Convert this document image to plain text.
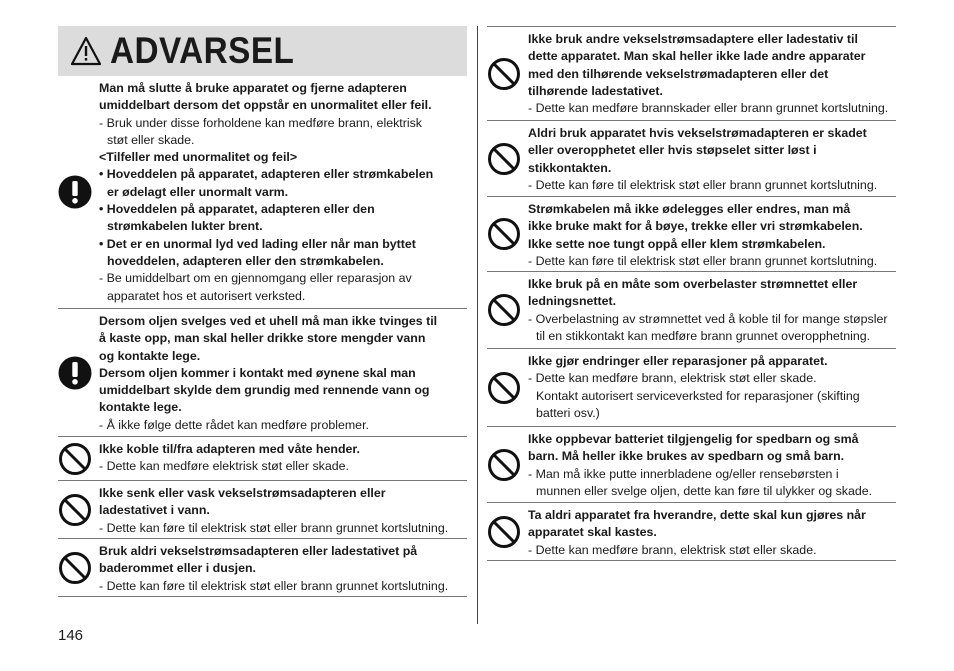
ADVARSEL
Man må slutte å bruke apparatet og fjerne adapteren
umiddelbart dersom det oppstår en unormalitet eller feil.
- Bruk under disse forholdene kan medføre brann, elektrisk
støt eller skade.
<Tilfeller med unormalitet og feil>
• Hoveddelen på apparatet, adapteren eller strømkabelen
er ødelagt eller unormalt varm.
• Hoveddelen på apparatet, adapteren eller den
strømkabelen lukter brent.
• Det er en unormal lyd ved lading eller når man byttet
hoveddelen, adapteren eller den strømkabelen.
- Be umiddelbart om en gjennomgang eller reparasjon av
apparatet hos et autorisert verksted.
Dersom oljen svelges ved et uhell må man ikke tvinges til
å kaste opp, man skal heller drikke store mengder vann
og kontakte lege.
Dersom oljen kommer i kontakt med øynene skal man
umiddelbart skylde dem grundig med rennende vann og
kontakte lege.
- Å ikke følge dette rådet kan medføre problemer.
Ikke koble til/fra adapteren med våte hender.
- Dette kan medføre elektrisk støt eller skade.
Ikke senk eller vask vekselstrømsadapteren eller
ladestativet i vann.
- Dette kan føre til elektrisk støt eller brann grunnet kortslutning.
Bruk aldri vekselstrømsadapteren eller ladestativet på
baderommet eller i dusjen.
- Dette kan føre til elektrisk støt eller brann grunnet kortslutning.
Ikke bruk andre vekselstrømsadaptere eller ladestativ til
dette apparatet. Man skal heller ikke lade andre apparater
med den tilhørende vekselstrømadapteren eller det
tilhørende ladestativet.
- Dette kan medføre brannskader eller brann grunnet kortslutning.
Aldri bruk apparatet hvis vekselstrømadapteren er skadet
eller overopphetet eller hvis støpselet sitter løst i
stikkontakten.
- Dette kan føre til elektrisk støt eller brann grunnet kortslutning.
Strømkabelen må ikke ødelegges eller endres, man må
ikke bruke makt for å bøye, trekke eller vri strømkabelen.
Ikke sette noe tungt oppå eller klem strømkabelen.
- Dette kan føre til elektrisk støt eller brann grunnet kortslutning.
Ikke bruk på en måte som overbelaster strømnettet eller
ledningsnettet.
- Overbelastning av strømnettet ved å koble til for mange støpsler
til en stikkontakt kan medføre brann grunnet overopphetning.
Ikke gjør endringer eller reparasjoner på apparatet.
- Dette kan medføre brann, elektrisk støt eller skade.
Kontakt autorisert serviceverksted for reparasjoner (skifting
batteri osv.)
Ikke oppbevar batteriet tilgjengelig for spedbarn og små
barn. Må heller ikke brukes av spedbarn og små barn.
- Man må ikke putte innerbladene og/eller rensebørsten i
munnen eller svelge oljen, dette kan føre til ulykker og skade.
Ta aldri apparatet fra hverandre, dette skal kun gjøres når
apparatet skal kastes.
- Dette kan medføre brann, elektrisk støt eller skade.
146
